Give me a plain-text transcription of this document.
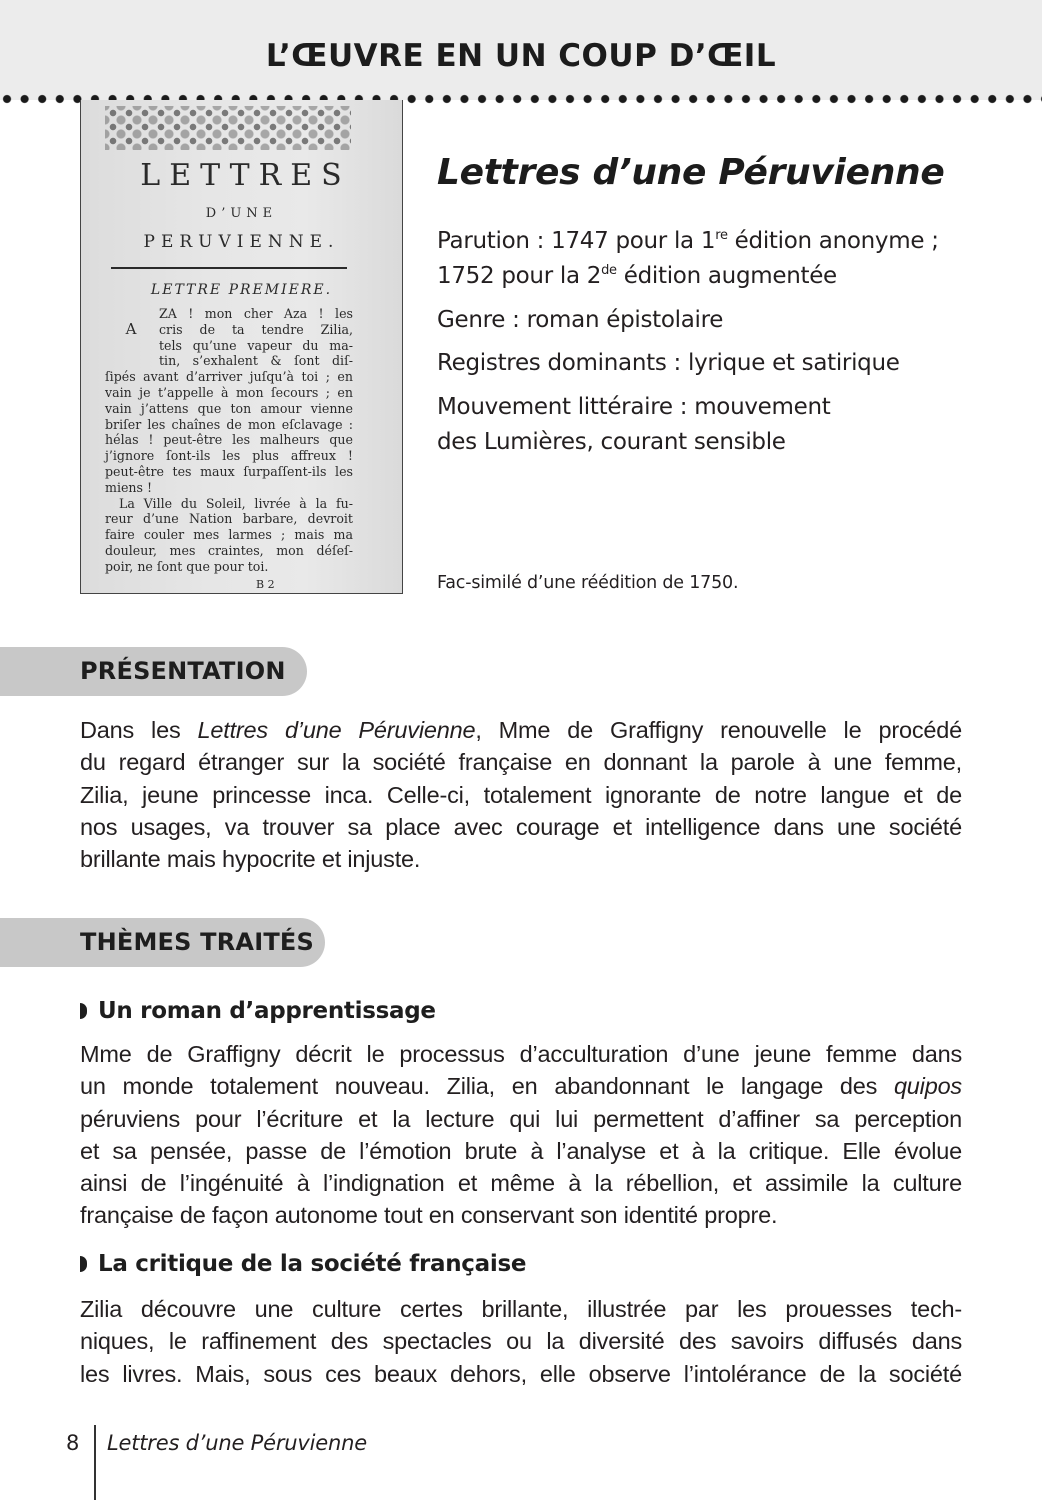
L’ŒUVRE EN UN COUP D’ŒIL
LETTRES
D’UNE
PERUVIENNE.
LETTRE PREMIERE.
A
ZA ! mon cher Aza ! les
cris de ta tendre Zilia,
tels qu’une vapeur du ma-
tin, s’exhalent & ſont diſ-
ſipés avant d’arriver juſqu’à toi ; en
vain je t’appelle à mon ſecours ; en
vain j’attens que ton amour vienne
briſer les chaînes de mon eſclavage :
hélas ! peut-être les malheurs que
j’ignore ſont-ils les plus affreux !
peut-être tes maux ſurpaſſent-ils les
miens !
La Ville du Soleil, livrée à la fu-
reur d’une Nation barbare, devroit
faire couler mes larmes ; mais ma
douleur, mes craintes, mon déſeſ-
poir, ne ſont que pour toi.
B 2
Lettres d’une Péruvienne
Parution : 1747 pour la 1re édition anonyme ;
1752 pour la 2de édition augmentée
Genre : roman épistolaire
Registres dominants : lyrique et satirique
Mouvement littéraire : mouvement
des Lumières, courant sensible
Fac-similé d’une réédition de 1750.
PRÉSENTATION
Dans les Lettres d’une Péruvienne, Mme de Graffigny renouvelle le procédé
du regard étranger sur la société française en donnant la parole à une femme,
Zilia, jeune princesse inca. Celle-ci, totalement ignorante de notre langue et de
nos usages, va trouver sa place avec courage et intelligence dans une société
brillante mais hypocrite et injuste.
THÈMES TRAITÉS
Un roman d’apprentissage
Mme de Graffigny décrit le processus d’acculturation d’une jeune femme dans
un monde totalement nouveau. Zilia, en abandonnant le langage des quipos
péruviens pour l’écriture et la lecture qui lui permettent d’affiner sa perception
et sa pensée, passe de l’émotion brute à l’analyse et à la critique. Elle évolue
ainsi de l’ingénuité à l’indignation et même à la rébellion, et assimile la culture
française de façon autonome tout en conservant son identité propre.
La critique de la société française
Zilia découvre une culture certes brillante, illustrée par les prouesses tech-
niques, le raffinement des spectacles ou la diversité des savoirs diffusés dans
les livres. Mais, sous ces beaux dehors, elle observe l’intolérance de la société
8 Lettres d’une Péruvienne
